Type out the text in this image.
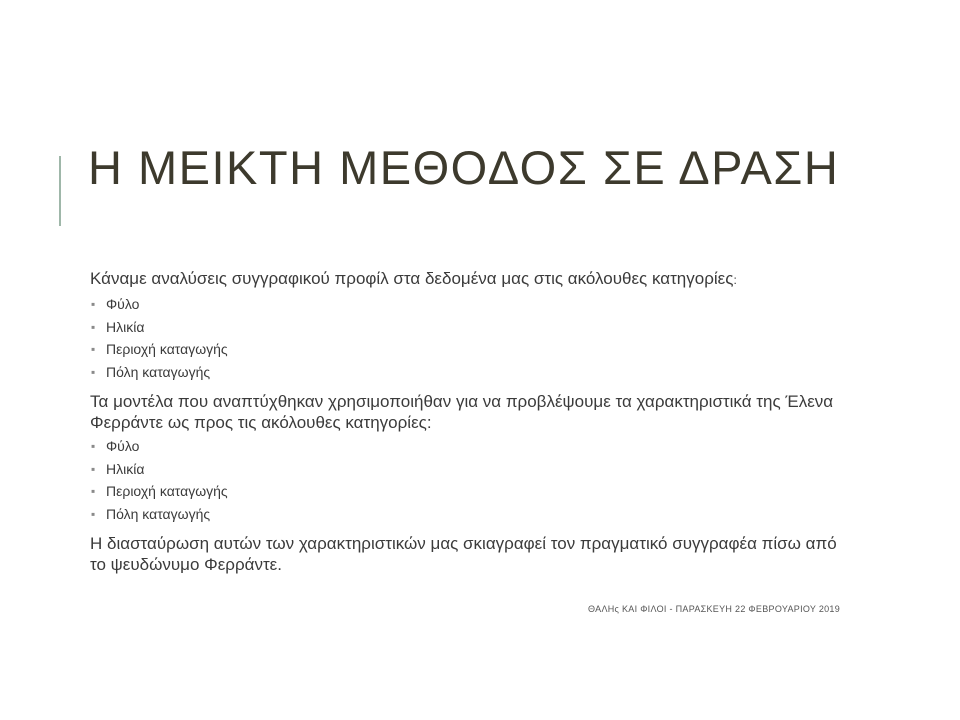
Η ΜΕΙΚΤΗ ΜΕΘΟΔΟΣ ΣΕ ΔΡΑΣΗ

Κάναμε αναλύσεις συγγραφικού προφίλ στα δεδομένα μας στις ακόλουθες κατηγορίες:

▪ Φύλο
▪ Ηλικία
▪ Περιοχή καταγωγής
▪ Πόλη καταγωγής

Τα μοντέλα που αναπτύχθηκαν χρησιμοποιήθαν για να προβλέψουμε τα χαρακτηριστικά της Έλενα Φερράντε ως προς τις ακόλουθες κατηγορίες:

▪ Φύλο
▪ Ηλικία
▪ Περιοχή καταγωγής
▪ Πόλη καταγωγής

Η διασταύρωση αυτών των χαρακτηριστικών μας σκιαγραφεί τον πραγματικό συγγραφέα πίσω από το ψευδώνυμο Φερράντε.

ΘΑΛΗς ΚΑΙ ΦΙΛΟΙ - ΠΑΡΑΣΚΕΥΗ 22 ΦΕΒΡΟΥΑΡΙΟΥ 2019
